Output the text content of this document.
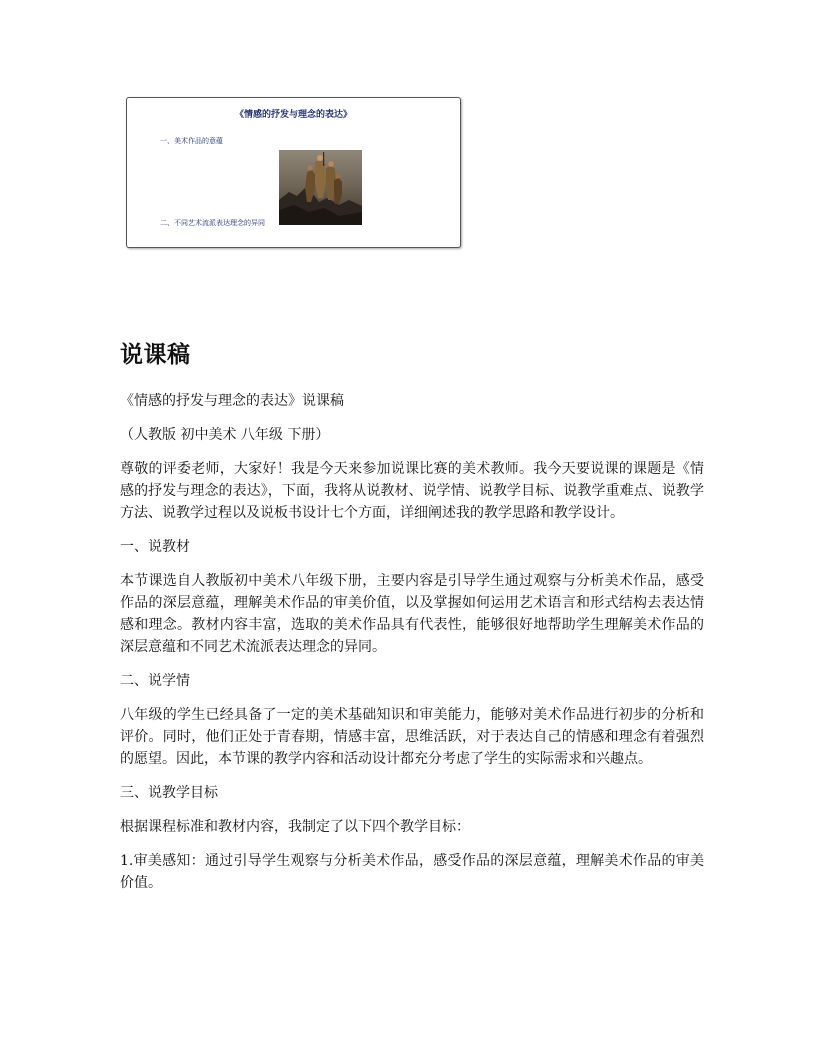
《情感的抒发与理念的表达》
一、美术作品的意蕴
二、不同艺术流派表达理念的异同
说课稿

《情感的抒发与理念的表达》说课稿

（人教版 初中美术 八年级 下册）

尊敬的评委老师，大家好！我是今天来参加说课比赛的美术教师。我今天要说课的课题是《情感的抒发与理念的表达》，下面，我将从说教材、说学情、说教学目标、说教学重难点、说教学方法、说教学过程以及说板书设计七个方面，详细阐述我的教学思路和教学设计。

一、说教材

本节课选自人教版初中美术八年级下册，主要内容是引导学生通过观察与分析美术作品，感受作品的深层意蕴，理解美术作品的审美价值，以及掌握如何运用艺术语言和形式结构去表达情感和理念。教材内容丰富，选取的美术作品具有代表性，能够很好地帮助学生理解美术作品的深层意蕴和不同艺术流派表达理念的异同。

二、说学情

八年级的学生已经具备了一定的美术基础知识和审美能力，能够对美术作品进行初步的分析和评价。同时，他们正处于青春期，情感丰富，思维活跃，对于表达自己的情感和理念有着强烈的愿望。因此，本节课的教学内容和活动设计都充分考虑了学生的实际需求和兴趣点。

三、说教学目标

根据课程标准和教材内容，我制定了以下四个教学目标：

1.审美感知：通过引导学生观察与分析美术作品，感受作品的深层意蕴，理解美术作品的审美价值。
